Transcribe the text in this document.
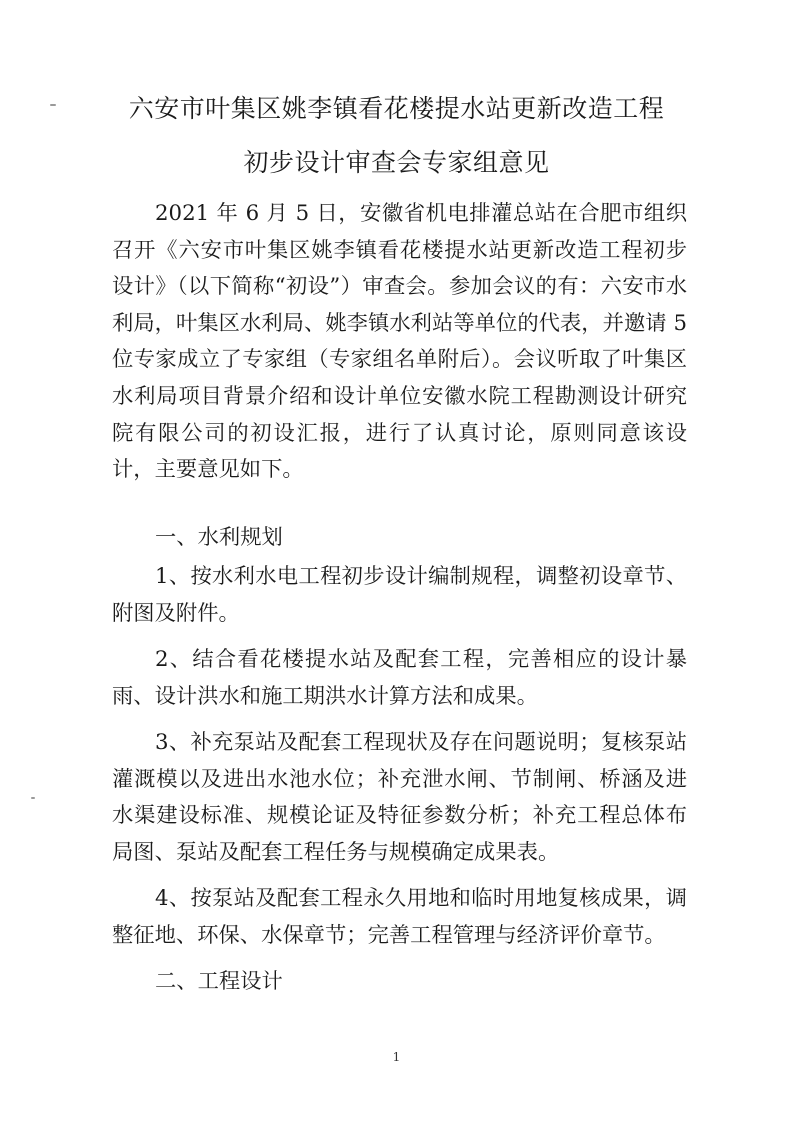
六安市叶集区姚李镇看花楼提水站更新改造工程
初步设计审查会专家组意见

2021 年 6 月 5 日，安徽省机电排灌总站在合肥市组织召开《六安市叶集区姚李镇看花楼提水站更新改造工程初步设计》（以下简称“初设”）审查会。参加会议的有：六安市水利局，叶集区水利局、姚李镇水利站等单位的代表，并邀请 5 位专家成立了专家组（专家组名单附后）。会议听取了叶集区水利局项目背景介绍和设计单位安徽水院工程勘测设计研究院有限公司的初设汇报，进行了认真讨论，原则同意该设计，主要意见如下。

一、水利规划

1、按水利水电工程初步设计编制规程，调整初设章节、附图及附件。

2、结合看花楼提水站及配套工程，完善相应的设计暴雨、设计洪水和施工期洪水计算方法和成果。

3、补充泵站及配套工程现状及存在问题说明；复核泵站灌溉模以及进出水池水位；补充泄水闸、节制闸、桥涵及进水渠建设标准、规模论证及特征参数分析；补充工程总体布局图、泵站及配套工程任务与规模确定成果表。

4、按泵站及配套工程永久用地和临时用地复核成果，调整征地、环保、水保章节；完善工程管理与经济评价章节。

二、工程设计

1
